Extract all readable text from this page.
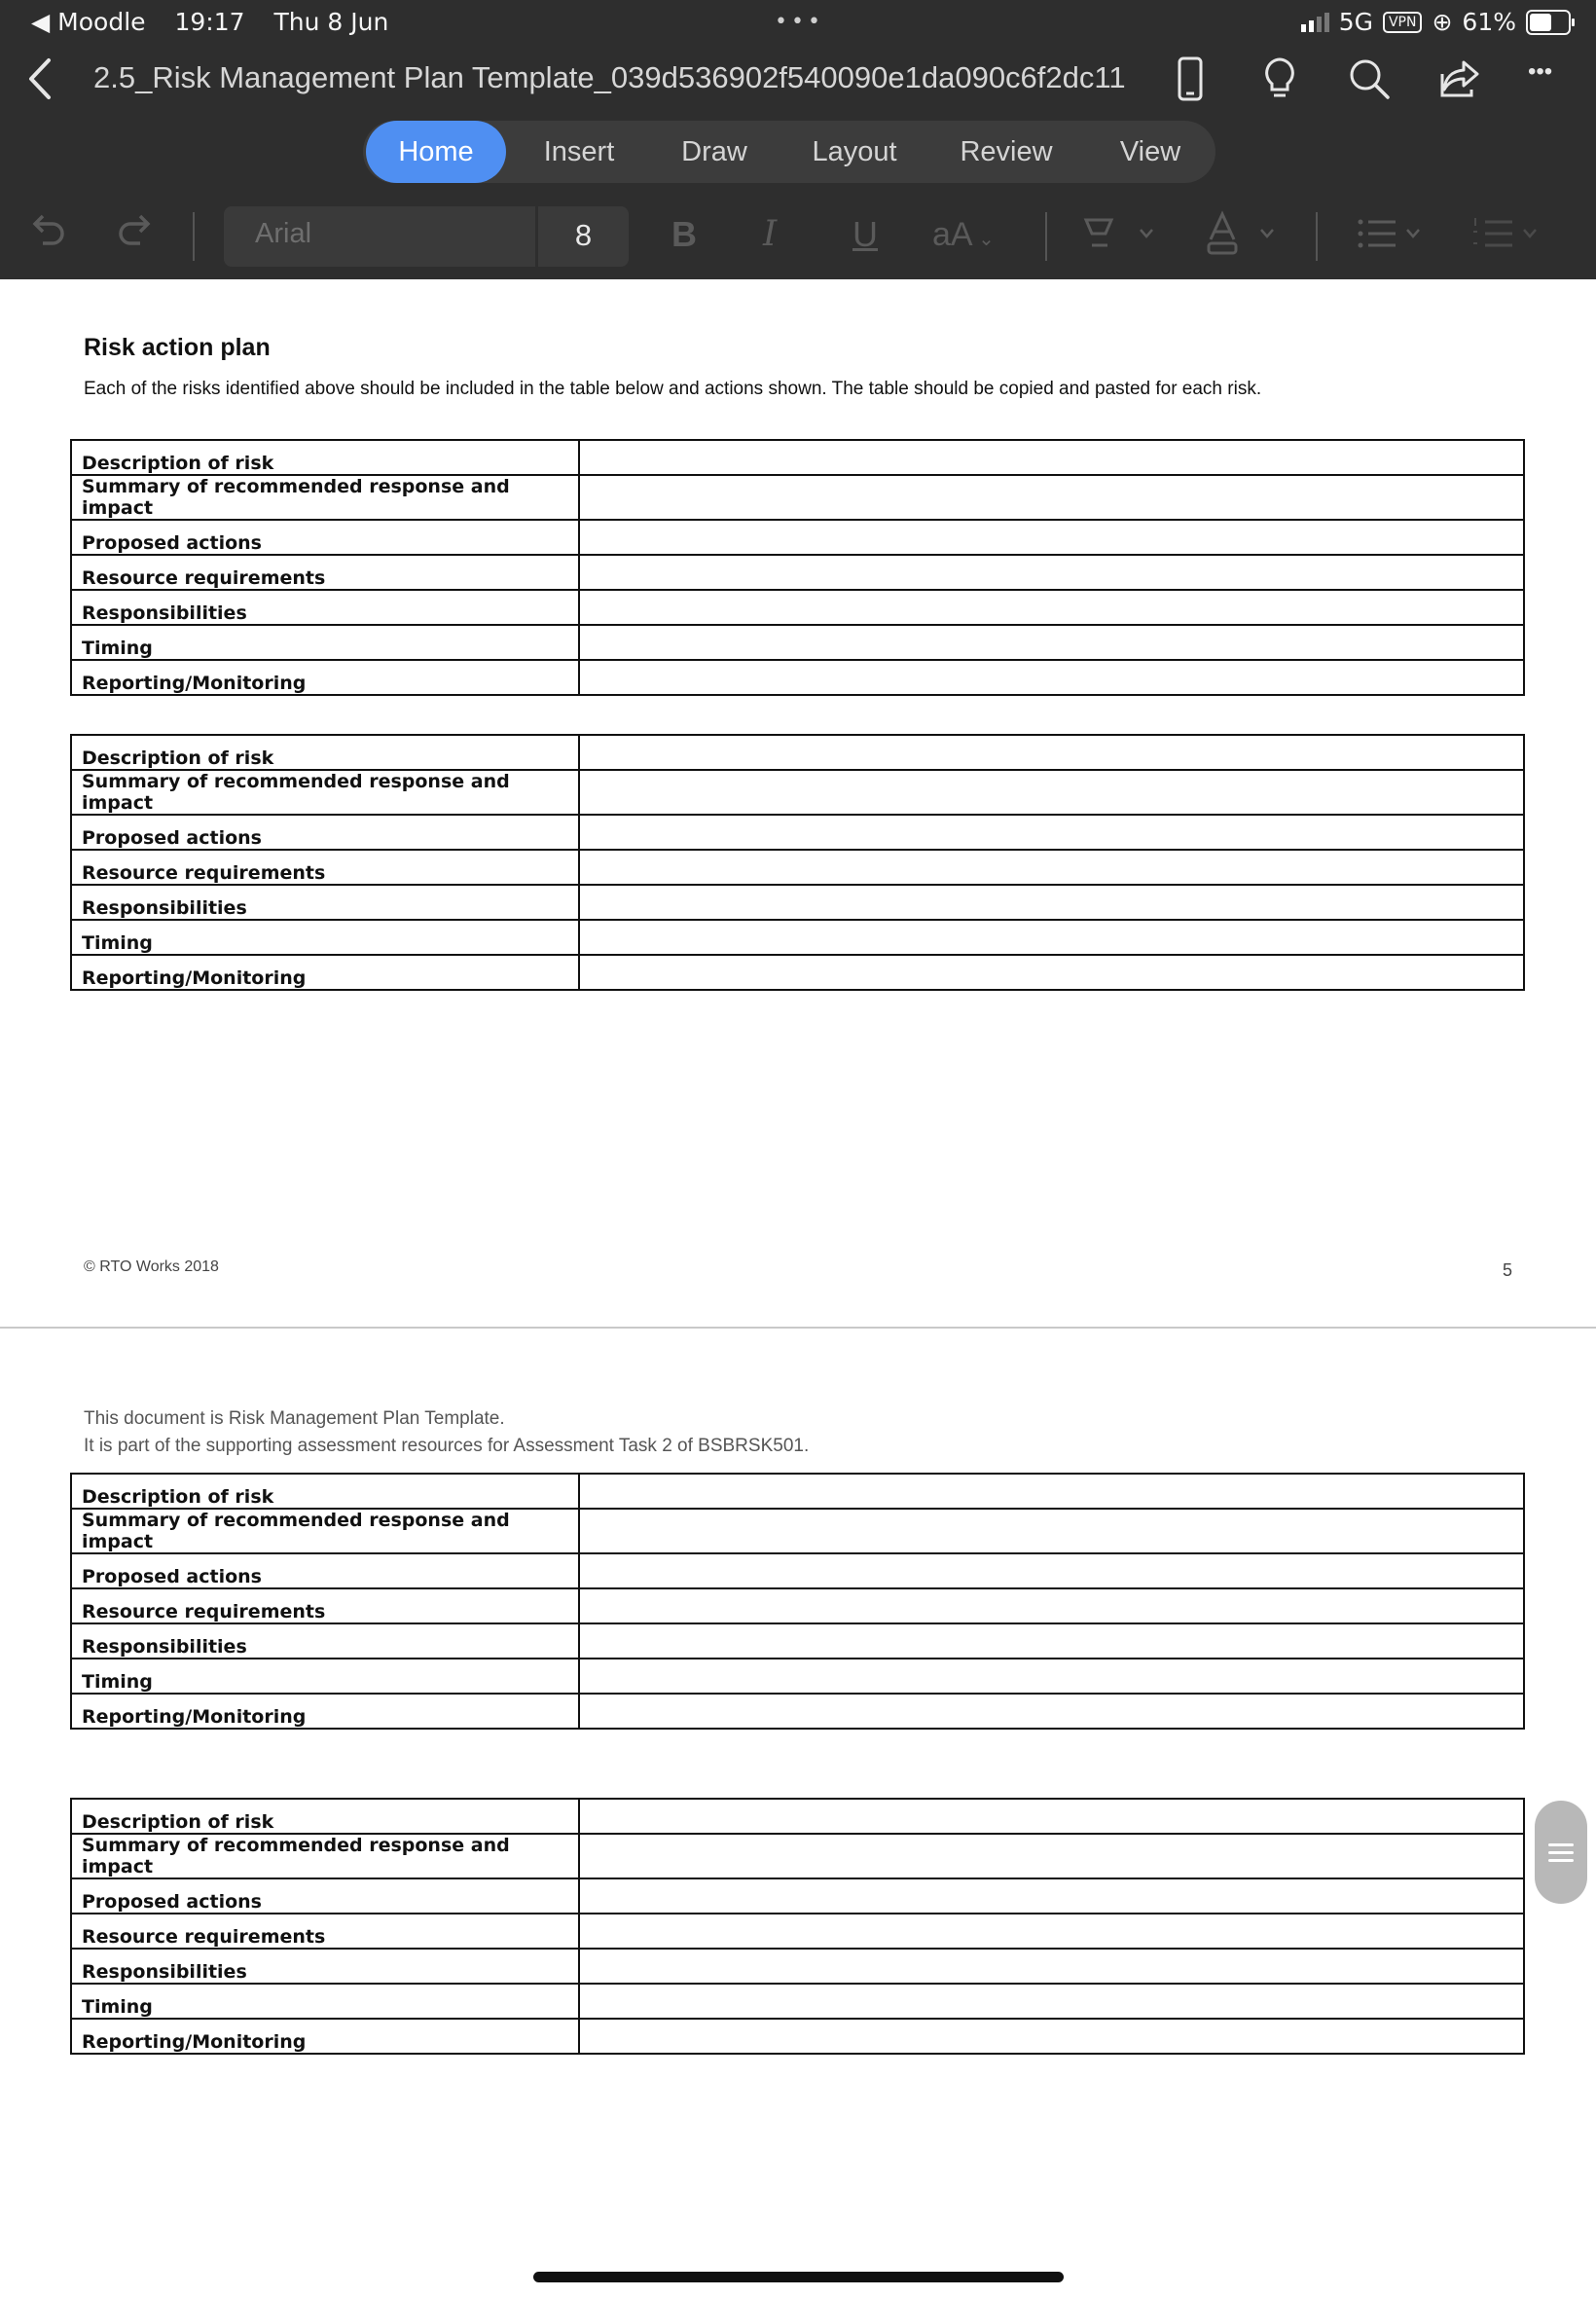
◀ Moodle 19:17 Thu 8 Jun	•••	5G	VPN ⊕ 61%
2.5_Risk Management Plan Template_039d536902f540090e1da090c6f2dc11	•••
Home	Insert	Draw	Layout	Review	View
Arial	8	B I U aA ⌄
Risk action plan
Each of the risks identified above should be included in the table below and actions shown. The table should be copied and pasted for each risk.
Description of risk	
Summary of recommended response and impact	
Proposed actions	
Resource requirements	
Responsibilities	
Timing	
Reporting/Monitoring	
Description of risk	
Summary of recommended response and impact	
Proposed actions	
Resource requirements	
Responsibilities	
Timing	
Reporting/Monitoring	
© RTO Works 2018	5
This document is Risk Management Plan Template.
It is part of the supporting assessment resources for Assessment Task 2 of BSBRSK501.
Description of risk	
Summary of recommended response and impact	
Proposed actions	
Resource requirements	
Responsibilities	
Timing	
Reporting/Monitoring	
Description of risk	
Summary of recommended response and impact	
Proposed actions	
Resource requirements	
Responsibilities	
Timing	
Reporting/Monitoring	
